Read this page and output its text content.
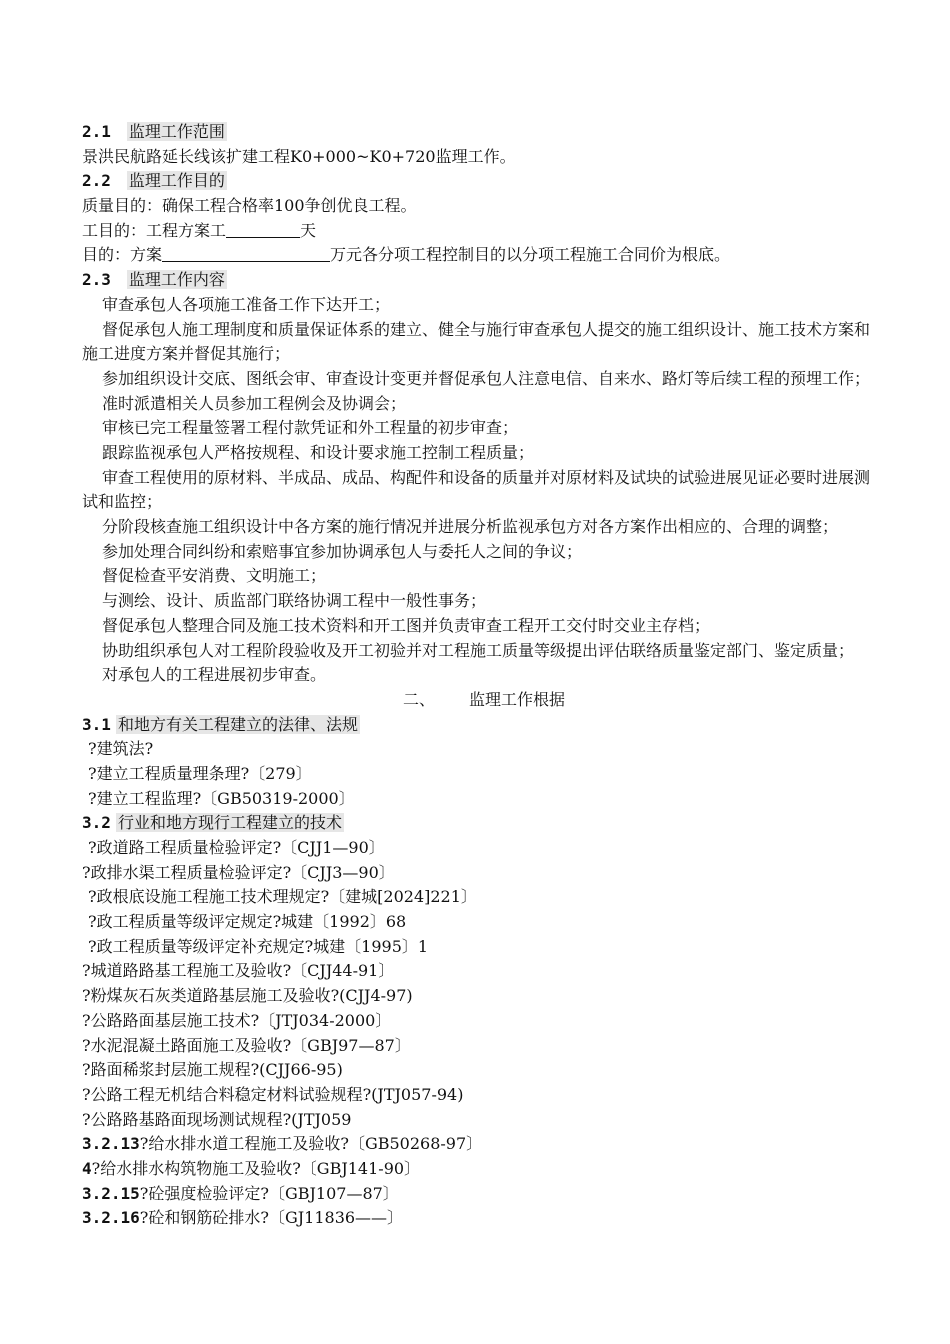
2.1 监理工作范围
景洪民航路延长线该扩建工程K0+000~K0+720监理工作。
2.2 监理工作目的
质量目的：确保工程合格率100争创优良工程。
工目的：工程方案工	天
目的：方案	万元各分项工程控制目的以分项工程施工合同价为根底。
2.3 监理工作内容
审查承包人各项施工准备工作下达开工；
督促承包人施工理制度和质量保证体系的建立、健全与施行审查承包人提交的施工组织设计、施工技术方案和施工进度方案并督促其施行；
参加组织设计交底、图纸会审、审查设计变更并督促承包人注意电信、自来水、路灯等后续工程的预埋工作；
准时派遣相关人员参加工程例会及协调会；
审核已完工程量签署工程付款凭证和外工程量的初步审查；
跟踪监视承包人严格按规程、和设计要求施工控制工程质量；
审查工程使用的原材料、半成品、成品、构配件和设备的质量并对原材料及试块的试验进展见证必要时进展测试和监控；
分阶段核查施工组织设计中各方案的施行情况并进展分析监视承包方对各方案作出相应的、合理的调整；
参加处理合同纠纷和索赔事宜参加协调承包人与委托人之间的争议；
督促检查平安消费、文明施工；
与测绘、设计、质监部门联络协调工程中一般性事务；
督促承包人整理合同及施工技术资料和开工图并负责审查工程开工交付时交业主存档；
协助组织承包人对工程阶段验收及开工初验并对工程施工质量等级提出评估联络质量鉴定部门、鉴定质量；
对承包人的工程进展初步审查。
二、 监理工作根据
3.1 和地方有关工程建立的法律、法规
?建筑法?
?建立工程质量理条理?〔279〕
?建立工程监理?〔GB50319-2000〕
3.2 行业和地方现行工程建立的技术
?政道路工程质量检验评定?〔CJJ1—90〕
?政排水渠工程质量检验评定?〔CJJ3—90〕
?政根底设施工程施工技术理规定?〔建城[2024]221〕
?政工程质量等级评定规定?城建〔1992〕68
?政工程质量等级评定补充规定?城建〔1995〕1
?城道路路基工程施工及验收?〔CJJ44-91〕
?粉煤灰石灰类道路基层施工及验收?(CJJ4-97)
?公路路面基层施工技术?〔JTJ034-2000〕
?水泥混凝土路面施工及验收?〔GBJ97—87〕
?路面稀浆封层施工规程?(CJJ66-95)
?公路工程无机结合料稳定材料试验规程?(JTJ057-94)
?公路路基路面现场测试规程?(JTJ059
3.2.13?给水排水道工程施工及验收?〔GB50268-97〕
4?给水排水构筑物施工及验收?〔GBJ141-90〕
3.2.15?砼强度检验评定?〔GBJ107—87〕
3.2.16?砼和钢筋砼排水?〔GJ11836——〕
